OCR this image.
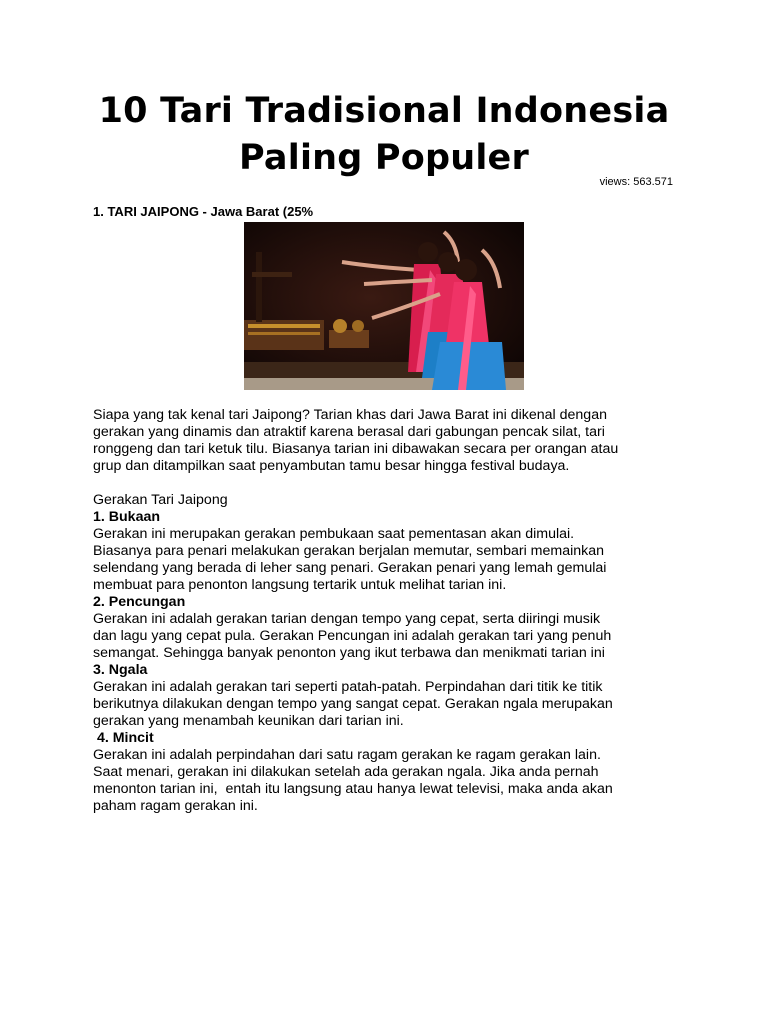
10 Tari Tradisional Indonesia
Paling Populer
views: 563.571
1. TARI JAIPONG - Jawa Barat (25%

Siapa yang tak kenal tari Jaipong? Tarian khas dari Jawa Barat ini dikenal dengan

gerakan yang dinamis dan atraktif karena berasal dari gabungan pencak silat, tari

ronggeng dan tari ketuk tilu. Biasanya tarian ini dibawakan secara per orangan atau

grup dan ditampilkan saat penyambutan tamu besar hingga festival budaya.

Gerakan Tari Jaipong

1. Bukaan

Gerakan ini merupakan gerakan pembukaan saat pementasan akan dimulai.

Biasanya para penari melakukan gerakan berjalan memutar, sembari memainkan

selendang yang berada di leher sang penari. Gerakan penari yang lemah gemulai

membuat para penonton langsung tertarik untuk melihat tarian ini.

2. Pencungan

Gerakan ini adalah gerakan tarian dengan tempo yang cepat, serta diiringi musik

dan lagu yang cepat pula. Gerakan Pencungan ini adalah gerakan tari yang penuh

semangat. Sehingga banyak penonton yang ikut terbawa dan menikmati tarian ini

3. Ngala

Gerakan ini adalah gerakan tari seperti patah-patah. Perpindahan dari titik ke titik

berikutnya dilakukan dengan tempo yang sangat cepat. Gerakan ngala merupakan

gerakan yang menambah keunikan dari tarian ini.

4. Mincit

Gerakan ini adalah perpindahan dari satu ragam gerakan ke ragam gerakan lain.

Saat menari, gerakan ini dilakukan setelah ada gerakan ngala. Jika anda pernah

menonton tarian ini,  entah itu langsung atau hanya lewat televisi, maka anda akan

paham ragam gerakan ini.
